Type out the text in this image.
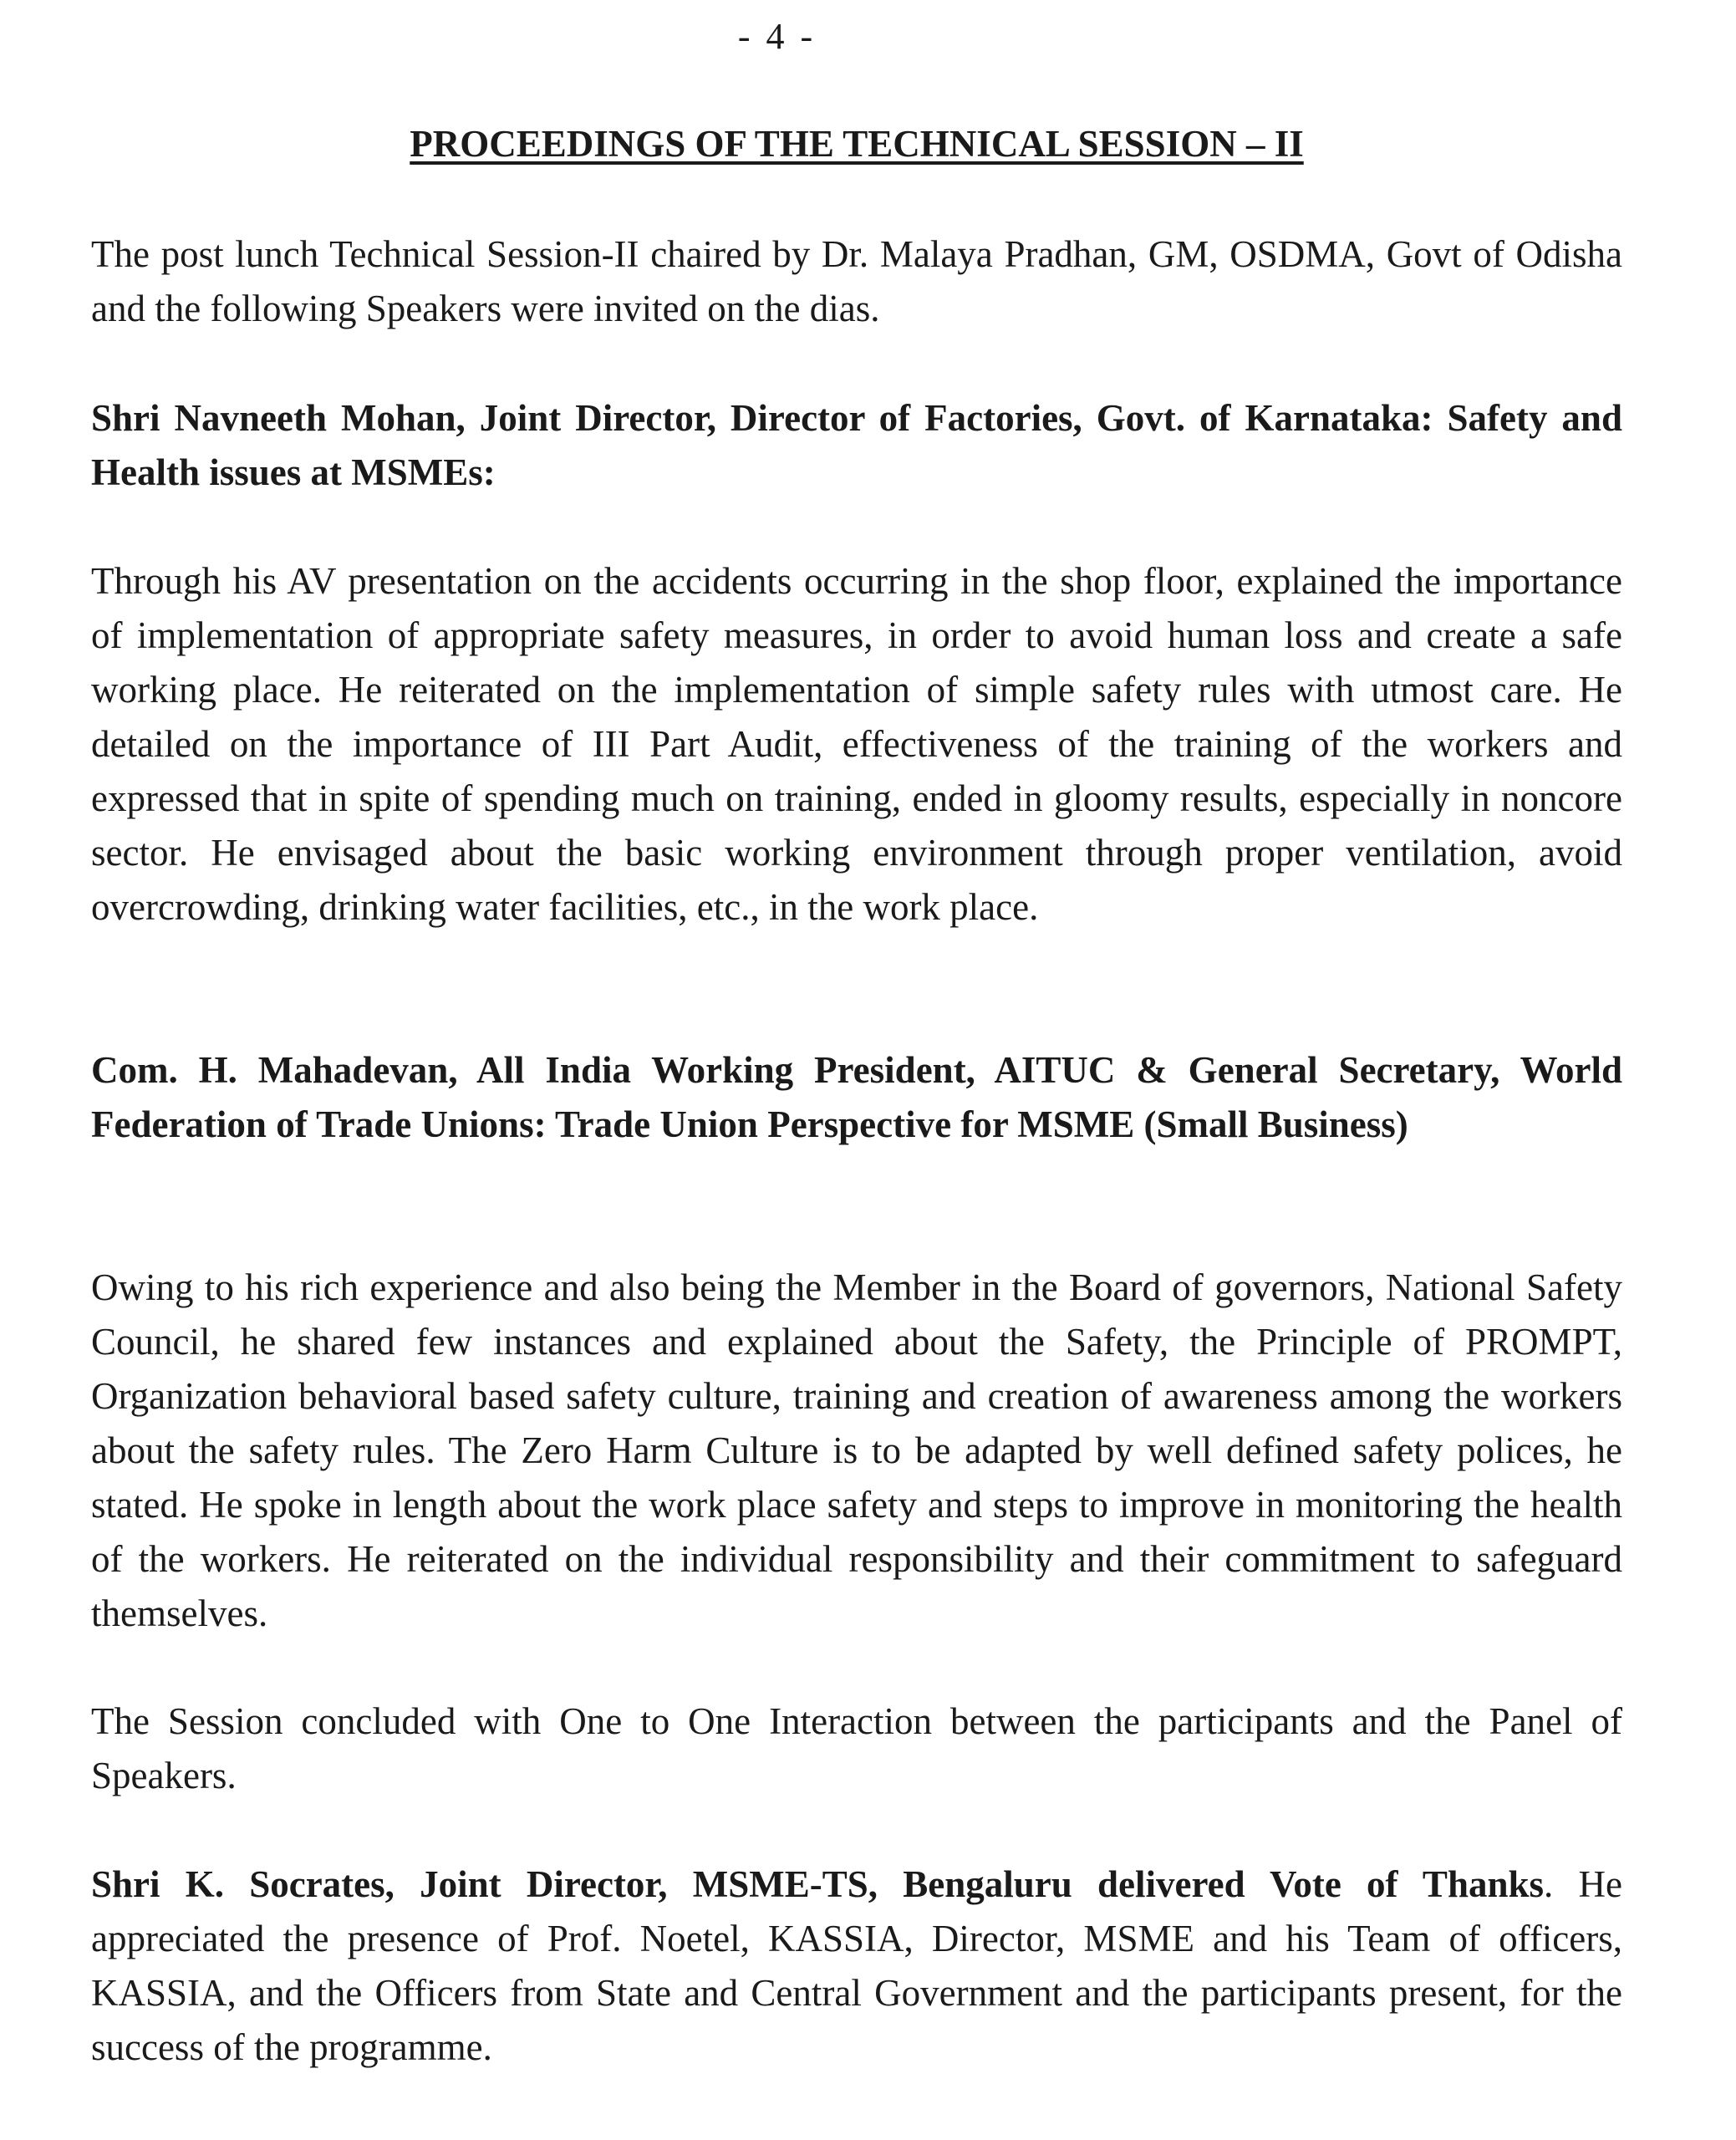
- 4 -
PROCEEDINGS OF THE TECHNICAL SESSION – II
The post lunch Technical Session-II chaired by Dr. Malaya Pradhan, GM, OSDMA, Govt of Odisha and the following Speakers were invited on the dias.
Shri Navneeth Mohan, Joint Director, Director of Factories, Govt. of Karnataka: Safety and Health issues at MSMEs:
Through his AV presentation on the accidents occurring in the shop floor, explained the importance of implementation of appropriate safety measures, in order to avoid human loss and create a safe working place. He reiterated on the implementation of simple safety rules with utmost care. He detailed on the importance of III Part Audit, effectiveness of the training of the workers and expressed that in spite of spending much on training, ended in gloomy results, especially in noncore sector. He envisaged about the basic working environment through proper ventilation, avoid overcrowding, drinking water facilities, etc., in the work place.
Com. H. Mahadevan, All India Working President, AITUC & General Secretary, World Federation of Trade Unions: Trade Union Perspective for MSME (Small Business)
Owing to his rich experience and also being the Member in the Board of governors, National Safety Council, he shared few instances and explained about the Safety, the Principle of PROMPT, Organization behavioral based safety culture, training and creation of awareness among the workers about the safety rules. The Zero Harm Culture is to be adapted by well defined safety polices, he stated. He spoke in length about the work place safety and steps to improve in monitoring the health of the workers. He reiterated on the individual responsibility and their commitment to safeguard themselves.
The Session concluded with One to One Interaction between the participants and the Panel of Speakers.
Shri K. Socrates, Joint Director, MSME-TS, Bengaluru delivered Vote of Thanks. He appreciated the presence of Prof. Noetel, KASSIA, Director, MSME and his Team of officers, KASSIA, and the Officers from State and Central Government and the participants present, for the success of the programme.
